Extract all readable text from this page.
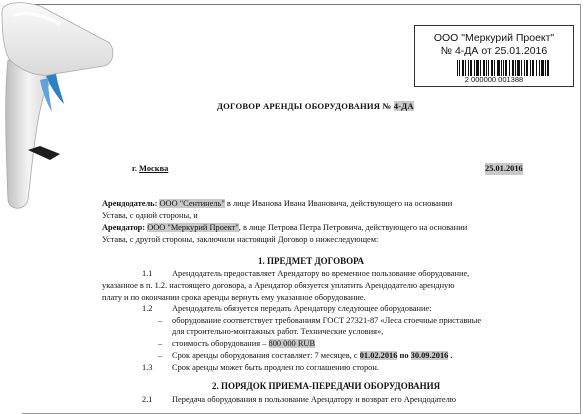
ООО "Меркурий Проект"
№ 4-ДА от 25.01.2016
2 000000 001388
ДОГОВОР АРЕНДЫ ОБОРУДОВАНИЯ № 4-ДА
г. Москва	25.01.2016
Арендодатель: ООО "Сентинель" в лице Иванова Ивана Ивановича, действующего на основании
Устава, с одной стороны, и
Арендатор: ООО "Меркурий Проект", в лице Петрова Петра Петровича, действующего на основании
Устава, с другой стороны, заключили настоящий Договор о нижеследующем:
1. ПРЕДМЕТ ДОГОВОРА
1.1 Арендодатель предоставляет Арендатору во временное пользование оборудование,
указанное в п. 1.2. настоящего договора, а Арендатор обязуется уплатить Арендодателю арендную
плату и по окончании срока аренды вернуть ему указанное оборудование.
1.2 Арендодатель обязуется передать Арендатору следующее оборудование:
– оборудование соответствует требованиям ГОСТ 27321-87 «Леса стоечные приставные
для строительно-монтажных работ. Технические условия»,
– стоимость оборудования – 800 000 RUB
– Срок аренды оборудования составляет: 7 месяцев, с 01.02.2016 по 30.09.2016 .
1.3 Срок аренды может быть продлен по соглашению сторон.
2. ПОРЯДОК ПРИЕМА-ПЕРЕДАЧИ ОБОРУДОВАНИЯ
2.1 Передача оборудования в пользование Арендатору и возврат его Арендодателю
